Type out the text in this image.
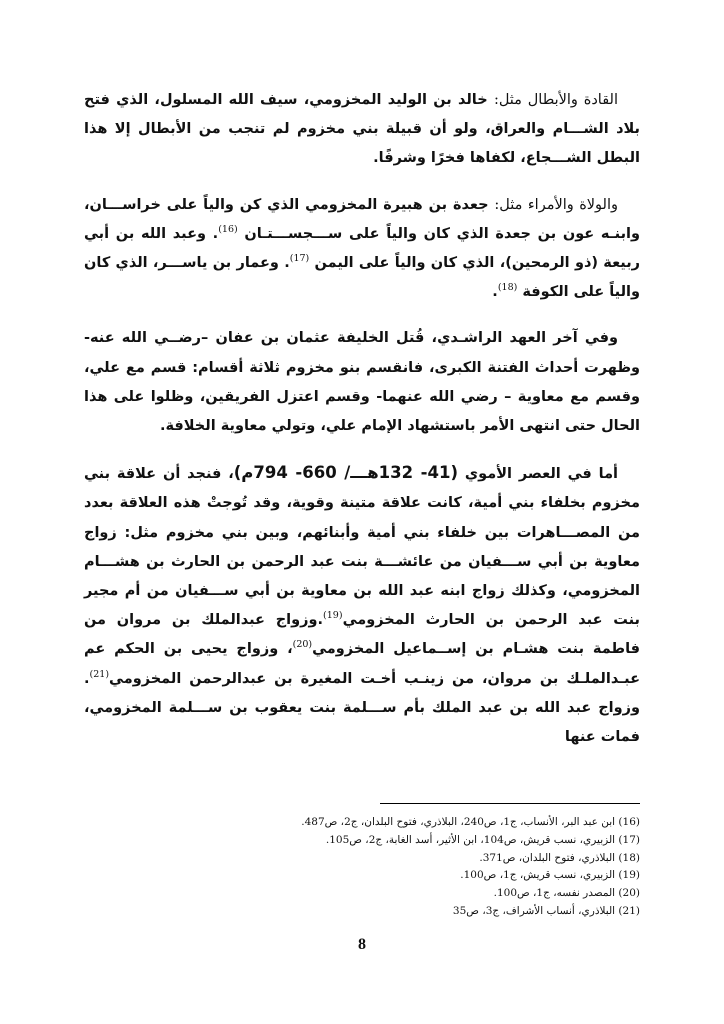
القادة والأبطال مثل: خالد بن الوليد المخزومي، سيف الله المسلول، الذي فتح بلاد الشـــام والعراق، ولو أن قبيلة بني مخزوم لم تنجب من الأبطال إلا هذا البطل الشـــجاع، لكفاها فخرًا وشرفًا.

والولاة والأمراء مثل: جعدة بن هبيرة المخزومي الذي كن والياً على خراســـان، وابنـه عون بن جعدة الذي كان والياً على ســـجســـتـان $^{(16)}$. وعبد الله بن أبي ربيعة (ذو الرمحين)، الذي كان والياً على اليمن $^{(17)}$. وعمار بن ياســـر، الذي كان والياً على الكوفة $^{(18)}$.

وفي آخر العهد الراشـدي، قُتل الخليفة عثمان بن عفان –رضــي الله عنه- وظهرت أحداث الفتنة الكبرى، فانقسم بنو مخزوم ثلاثة أقسام: قسم مع علي، وقسم مع معاوية – رضي الله عنهما- وقسم اعتزل الفريقين، وظلوا على هذا الحال حتى انتهى الأمر باستشهاد الإمام علي، وتولي معاوية الخلافة.

أما في العصر الأموي (41- 132هـــ/ 660- 794م)، فنجد أن علاقة بني مخزوم بخلفاء بني أمية، كانت علاقة متينة وقوية، وقد تُوجتْ هذه العلاقة بعدد من المصـــاهرات بين خلفاء بني أمية وأبنائهم، وبين بني مخزوم مثل: زواج معاوية بن أبي ســـفيان من عائشـــة بنت عبد الرحمن بن الحارث بن هشـــام المخزومي، وكذلك زواج ابنه عبد الله بن معاوية بن أبي ســـفيان من أم مجير بنت عبد الرحمن بن الحارث المخزومي$^{(19)}$.وزواج عبدالملك بن مروان من فاطمة بنت هشـام بن إســماعيل المخزومي$^{(20)}$، وزواج يحيى بن الحكم عم عبـدالملـك بن مروان، من زينـب أخـت المغيرة بن عبدالرحمن المخزومي$^{(21)}$. وزواج عبد الله بن عبد الملك بأم ســـلمة بنت يعقوب بن ســـلمة المخزومي، فمات عنها

(16) ابن عبد البر، الأنساب، ج1، ص240، البلاذري، فتوح البلدان، ج2، ص487.
(17) الزبيري، نسب قريش، ص104، ابن الأثير، أسد الغابة، ج2، ص105.
(18) البلاذري، فتوح البلدان، ص371.
(19) الزبيري، نسب قريش، ج1، ص100.
(20) المصدر نفسه، ج1، ص100.
(21) البلاذري، أنساب الأشراف، ج3، ص35
8
